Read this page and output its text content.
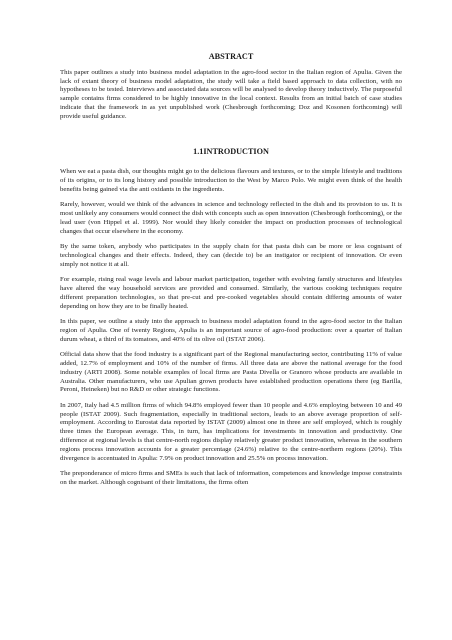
ABSTRACT

This paper outlines a study into business model adaptation in the agro-food sector in the Italian region of Apulia. Given the lack of extant theory of business model adaptation, the study will take a field based approach to data collection, with no hypotheses to be tested. Interviews and associated data sources will be analysed to develop theory inductively. The purposeful sample contains firms considered to be highly innovative in the local context. Results from an initial batch of case studies indicate that the framework in as yet unpublished work (Chesbrough forthcoming; Doz and Kosonen forthcoming) will provide useful guidance.

1.1INTRODUCTION

When we eat a pasta dish, our thoughts might go to the delicious flavours and textures, or to the simple lifestyle and traditions of its origins, or to its long history and possible introduction to the West by Marco Polo. We might even think of the health benefits being gained via the anti oxidants in the ingredients.

Rarely, however, would we think of the advances in science and technology reflected in the dish and its provision to us. It is most unlikely any consumers would connect the dish with concepts such as open innovation (Chesbrough forthcoming), or the lead user (von Hippel et al. 1999). Nor would they likely consider the impact on production processes of technological changes that occur elsewhere in the economy.

By the same token, anybody who participates in the supply chain for that pasta dish can be more or less cognisant of technological changes and their effects. Indeed, they can (decide to) be an instigator or recipient of innovation. Or even simply not notice it at all.

For example, rising real wage levels and labour market participation, together with evolving family structures and lifestyles have altered the way household services are provided and consumed. Similarly, the various cooking techniques require different preparation technologies, so that pre-cut and pre-cooked vegetables should contain differing amounts of water depending on how they are to be finally heated.

In this paper, we outline a study into the approach to business model adaptation found in the agro-food sector in the Italian region of Apulia. One of twenty Regions, Apulia is an important source of agro-food production: over a quarter of Italian durum wheat, a third of its tomatoes, and 40% of its olive oil (ISTAT 2006).

Official data show that the food industry is a significant part of the Regional manufacturing sector, contributing 11% of value added, 12.7% of employment and 10% of the number of firms. All three data are above the national average for the food industry (ARTI 2008). Some notable examples of local firms are Pasta Divella or Granoro whose products are available in Australia. Other manufacturers, who use Apulian grown products have established production operations there (eg Barilla, Peroni, Heineken) but no R&D or other strategic functions.

In 2007, Italy had 4.5 million firms of which 94.8% employed fewer than 10 people and 4.6% employing between 10 and 49 people (ISTAT 2009). Such fragmentation, especially in traditional sectors, leads to an above average proportion of self-employment. According to Eurostat data reported by ISTAT (2009) almost one in three are self employed, which is roughly three times the European average. This, in turn, has implications for investments in innovation and productivity. One difference at regional levels is that centre-north regions display relatively greater product innovation, whereas in the southern regions process innovation accounts for a greater percentage (24.6%) relative to the centre-northern regions (20%). This divergence is accentuated in Apulia: 7.9% on product innovation and 25.5% on process innovation.

The preponderance of micro firms and SMEs is such that lack of information, competences and knowledge impose constraints on the market. Although cognisant of their limitations, the firms often
